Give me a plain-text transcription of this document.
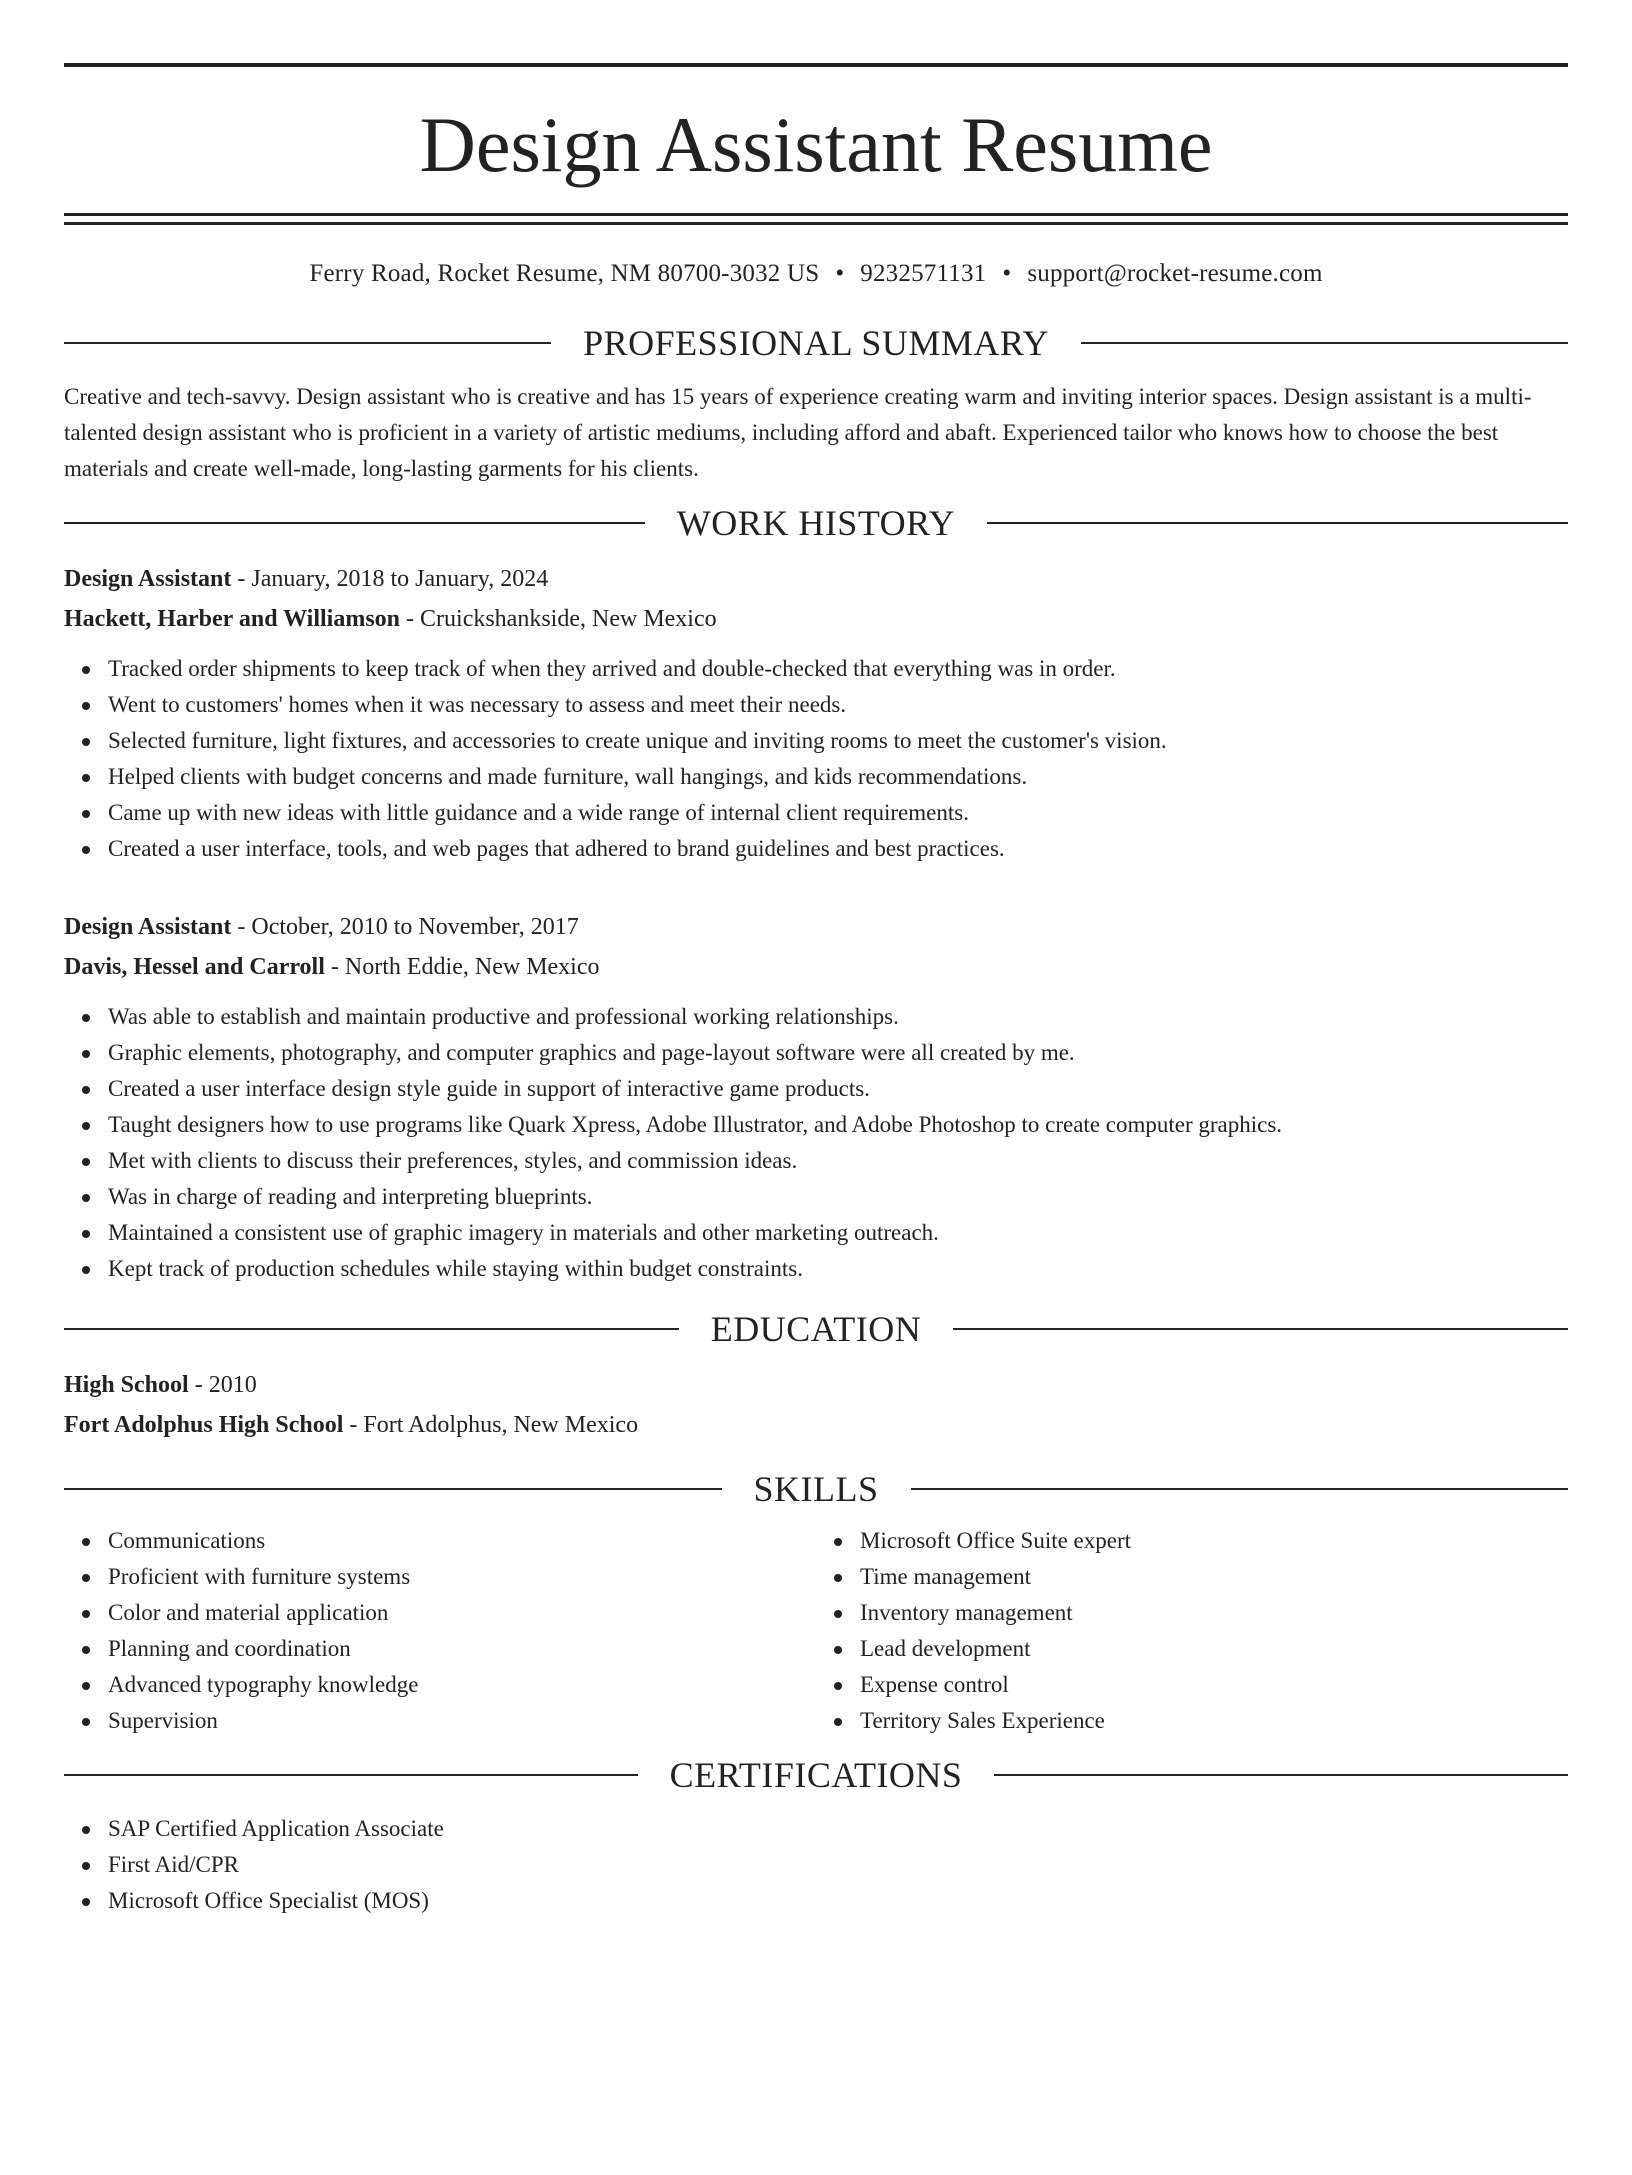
Design Assistant Resume
Ferry Road, Rocket Resume, NM 80700-3032 US • 9232571131 • support@rocket-resume.com
PROFESSIONAL SUMMARY
Creative and tech-savvy. Design assistant who is creative and has 15 years of experience creating warm and inviting interior spaces. Design assistant is a multi-talented design assistant who is proficient in a variety of artistic mediums, including afford and abaft. Experienced tailor who knows how to choose the best materials and create well-made, long-lasting garments for his clients.
WORK HISTORY
Design Assistant - January, 2018 to January, 2024
Hackett, Harber and Williamson - Cruickshankside, New Mexico
Tracked order shipments to keep track of when they arrived and double-checked that everything was in order.
Went to customers' homes when it was necessary to assess and meet their needs.
Selected furniture, light fixtures, and accessories to create unique and inviting rooms to meet the customer's vision.
Helped clients with budget concerns and made furniture, wall hangings, and kids recommendations.
Came up with new ideas with little guidance and a wide range of internal client requirements.
Created a user interface, tools, and web pages that adhered to brand guidelines and best practices.
Design Assistant - October, 2010 to November, 2017
Davis, Hessel and Carroll - North Eddie, New Mexico
Was able to establish and maintain productive and professional working relationships.
Graphic elements, photography, and computer graphics and page-layout software were all created by me.
Created a user interface design style guide in support of interactive game products.
Taught designers how to use programs like Quark Xpress, Adobe Illustrator, and Adobe Photoshop to create computer graphics.
Met with clients to discuss their preferences, styles, and commission ideas.
Was in charge of reading and interpreting blueprints.
Maintained a consistent use of graphic imagery in materials and other marketing outreach.
Kept track of production schedules while staying within budget constraints.
EDUCATION
High School - 2010
Fort Adolphus High School - Fort Adolphus, New Mexico
SKILLS
Communications
Proficient with furniture systems
Color and material application
Planning and coordination
Advanced typography knowledge
Supervision
Microsoft Office Suite expert
Time management
Inventory management
Lead development
Expense control
Territory Sales Experience
CERTIFICATIONS
SAP Certified Application Associate
First Aid/CPR
Microsoft Office Specialist (MOS)
